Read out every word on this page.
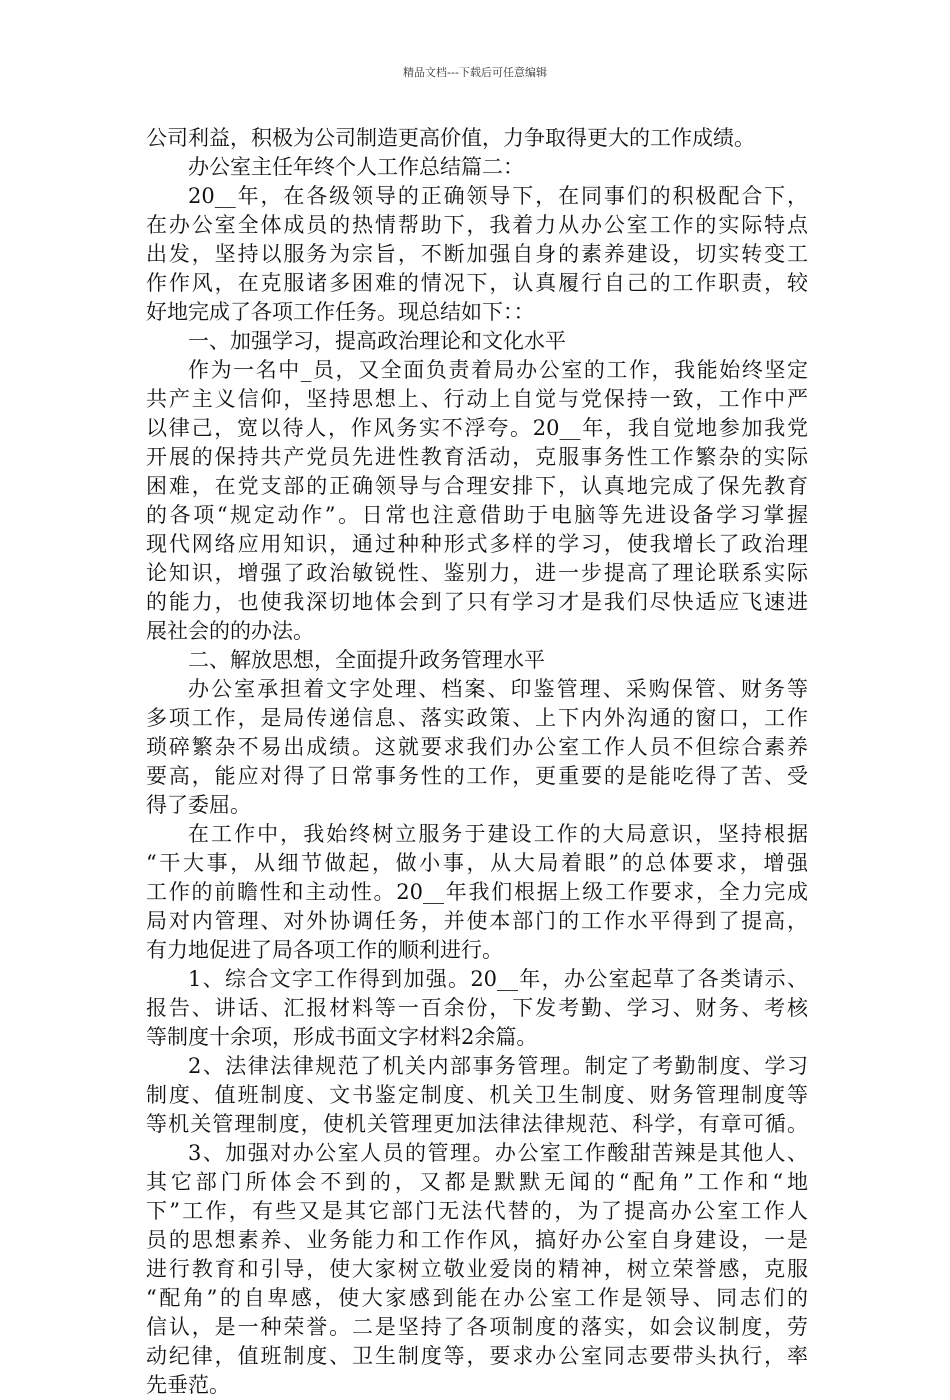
精品文档---下载后可任意编辑
公司利益，积极为公司制造更高价值，力争取得更大的工作成绩。
办公室主任年终个人工作总结篇二：
20__年，在各级领导的正确领导下，在同事们的积极配合下，
在办公室全体成员的热情帮助下，我着力从办公室工作的实际特点
出发，坚持以服务为宗旨，不断加强自身的素养建设，切实转变工
作作风，在克服诸多困难的情况下，认真履行自己的工作职责，较
好地完成了各项工作任务。现总结如下：：
一、加强学习，提高政治理论和文化水平
作为一名中_员，又全面负责着局办公室的工作，我能始终坚定
共产主义信仰，坚持思想上、行动上自觉与党保持一致，工作中严
以律己，宽以待人，作风务实不浮夸。20__年，我自觉地参加我党
开展的保持共产党员先进性教育活动，克服事务性工作繁杂的实际
困难，在党支部的正确领导与合理安排下，认真地完成了保先教育
的各项“规定动作”。日常也注意借助于电脑等先进设备学习掌握
现代网络应用知识，通过种种形式多样的学习，使我增长了政治理
论知识，增强了政治敏锐性、鉴别力，进一步提高了理论联系实际
的能力，也使我深切地体会到了只有学习才是我们尽快适应飞速进
展社会的的办法。
二、解放思想，全面提升政务管理水平
办公室承担着文字处理、档案、印鉴管理、采购保管、财务等
多项工作，是局传递信息、落实政策、上下内外沟通的窗口，工作
琐碎繁杂不易出成绩。这就要求我们办公室工作人员不但综合素养
要高，能应对得了日常事务性的工作，更重要的是能吃得了苦、受
得了委屈。
在工作中，我始终树立服务于建设工作的大局意识，坚持根据
“干大事，从细节做起，做小事，从大局着眼”的总体要求，增强
工作的前瞻性和主动性。20__年我们根据上级工作要求，全力完成
局对内管理、对外协调任务，并使本部门的工作水平得到了提高，
有力地促进了局各项工作的顺利进行。
1、综合文字工作得到加强。20__年，办公室起草了各类请示、
报告、讲话、汇报材料等一百余份，下发考勤、学习、财务、考核
等制度十余项，形成书面文字材料2余篇。
2、法律法律规范了机关内部事务管理。制定了考勤制度、学习
制度、值班制度、文书鉴定制度、机关卫生制度、财务管理制度等
等机关管理制度，使机关管理更加法律法律规范、科学，有章可循。
3、加强对办公室人员的管理。办公室工作酸甜苦辣是其他人、
其它部门所体会不到的，又都是默默无闻的“配角”工作和“地
下”工作，有些又是其它部门无法代替的，为了提高办公室工作人
员的思想素养、业务能力和工作作风，搞好办公室自身建设，一是
进行教育和引导，使大家树立敬业爱岗的精神，树立荣誉感，克服
“配角”的自卑感，使大家感到能在办公室工作是领导、同志们的
信认，是一种荣誉。二是坚持了各项制度的落实，如会议制度，劳
动纪律，值班制度、卫生制度等，要求办公室同志要带头执行，率
先垂范。
